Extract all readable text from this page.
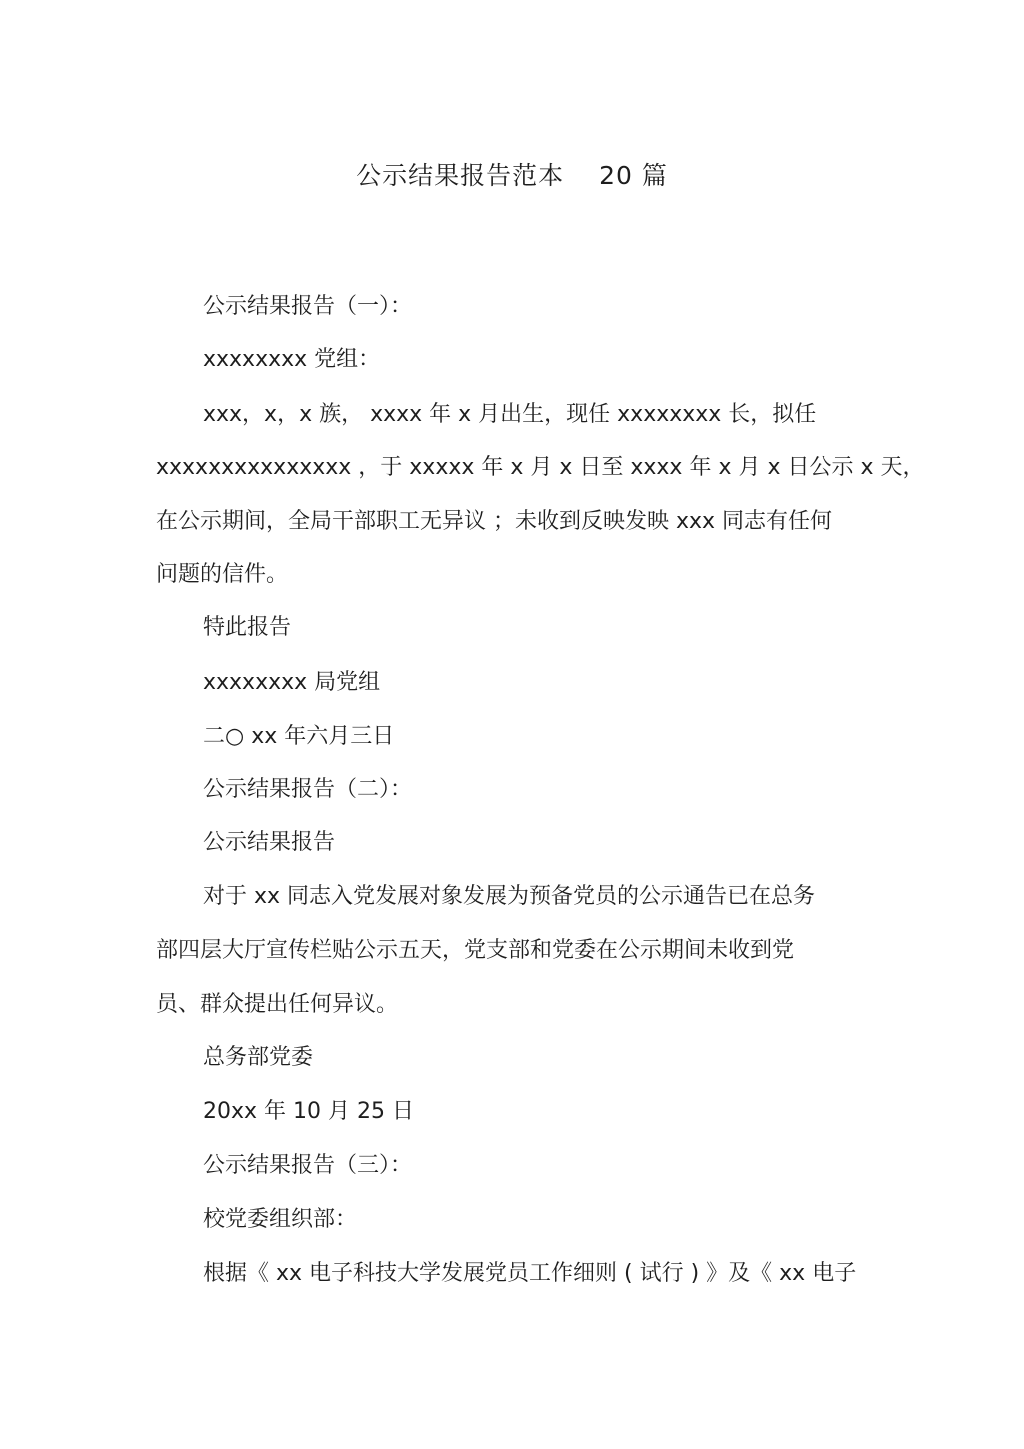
公示结果报告范本　 20 篇
公示结果报告（一）：
xxxxxxxx 党组：
xxx，x，x 族， xxxx 年 x 月出生，现任 xxxxxxxx 长，拟任
xxxxxxxxxxxxxxx ，于 xxxxx 年 x 月 x 日至 xxxx 年 x 月 x 日公示 x 天，
在公示期间，全局干部职工无异议 ；未收到反映发映 xxx 同志有任何
问题的信件。
特此报告
xxxxxxxx 局党组
二○ xx 年六月三日
公示结果报告（二）：
公示结果报告
对于 xx 同志入党发展对象发展为预备党员的公示通告已在总务
部四层大厅宣传栏贴公示五天，党支部和党委在公示期间未收到党
员、群众提出任何异议。
总务部党委
20xx 年 10 月 25 日
公示结果报告（三）：
校党委组织部：
根据《 xx 电子科技大学发展党员工作细则 ( 试行 ) 》及《 xx 电子
